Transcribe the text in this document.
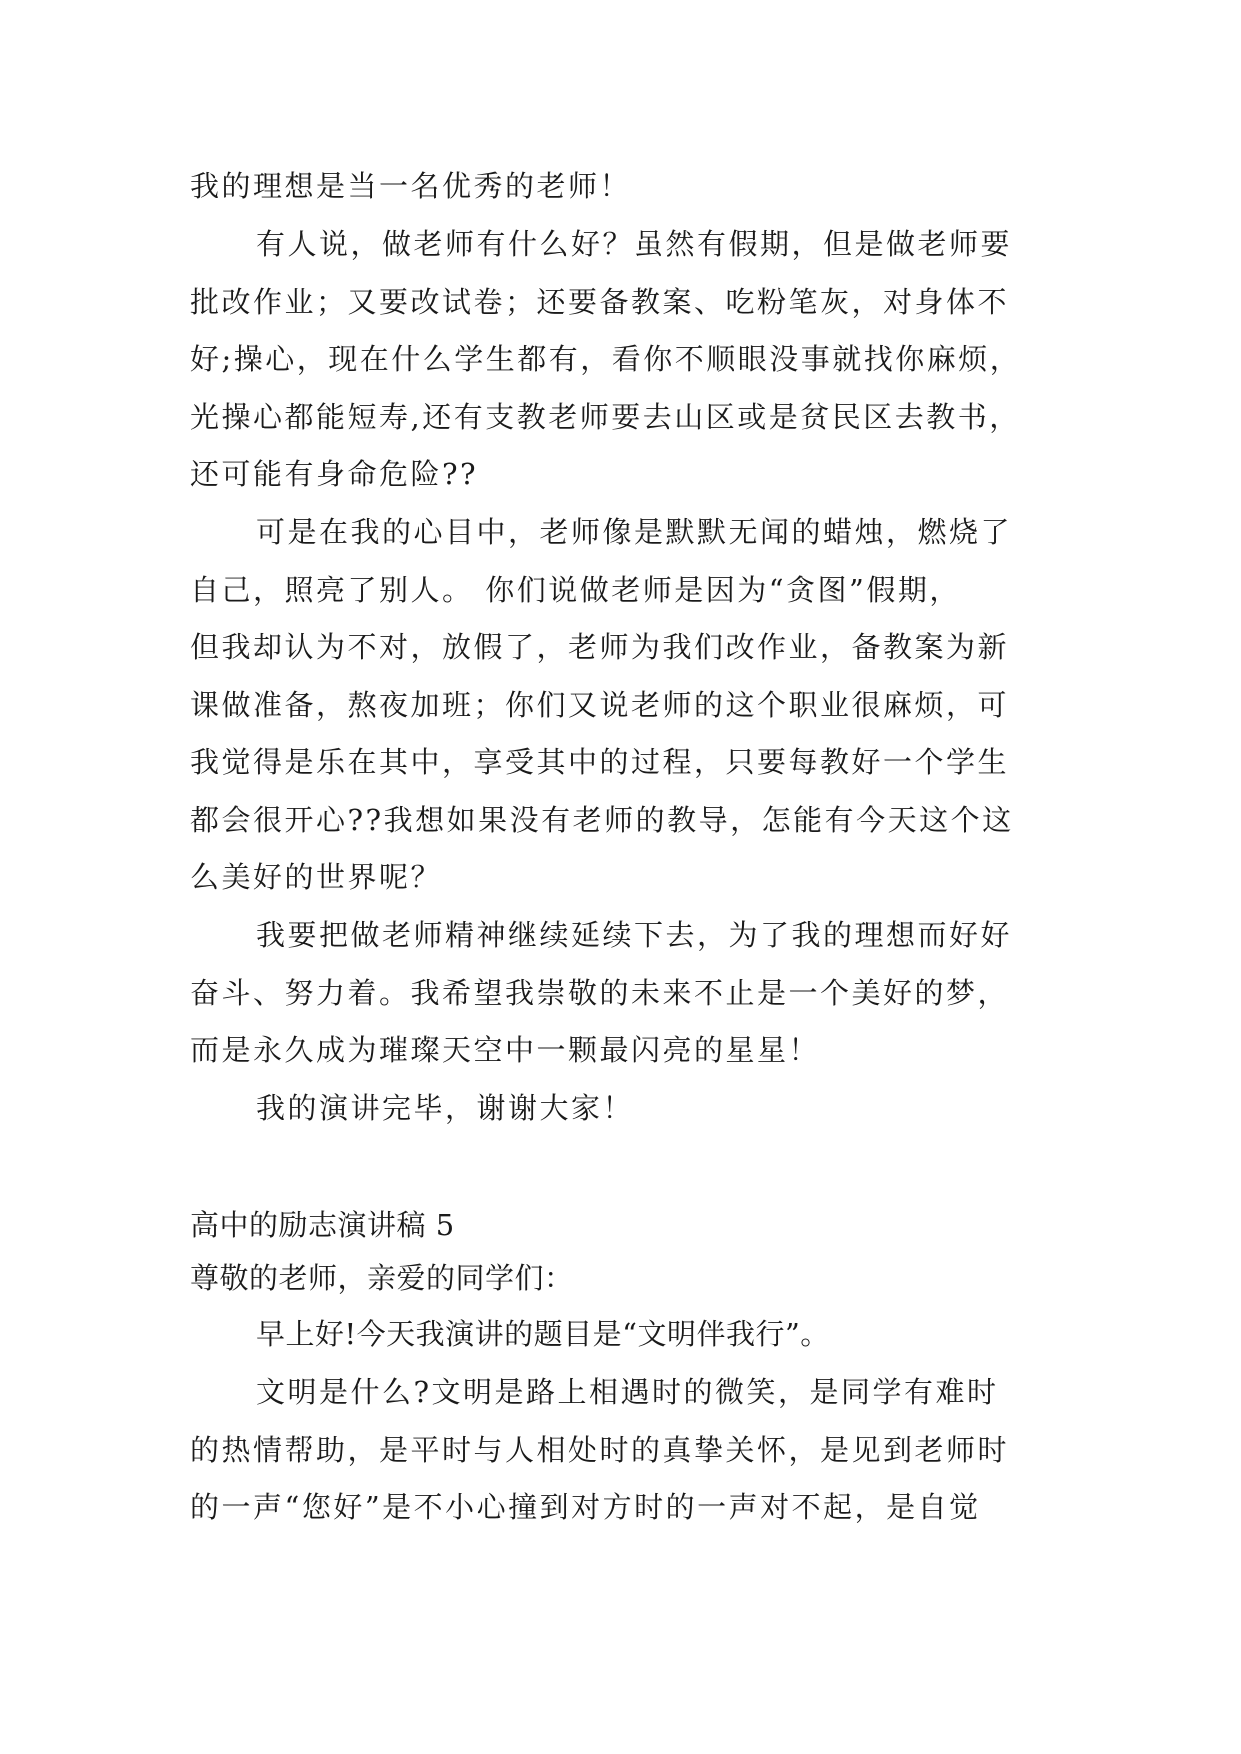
我的理想是当一名优秀的老师！

有人说，做老师有什么好？虽然有假期，但是做老师要

批改作业；又要改试卷；还要备教案、吃粉笔灰，对身体不

好;操心，现在什么学生都有，看你不顺眼没事就找你麻烦，

光操心都能短寿,还有支教老师要去山区或是贫民区去教书，

还可能有身命危险??

可是在我的心目中，老师像是默默无闻的蜡烛，燃烧了

自己，照亮了别人。 你们说做老师是因为“贪图”假期，

但我却认为不对，放假了，老师为我们改作业，备教案为新

课做准备，熬夜加班；你们又说老师的这个职业很麻烦，可

我觉得是乐在其中，享受其中的过程，只要每教好一个学生

都会很开心??我想如果没有老师的教导，怎能有今天这个这

么美好的世界呢？

我要把做老师精神继续延续下去，为了我的理想而好好

奋斗、努力着。我希望我崇敬的未来不止是一个美好的梦，

而是永久成为璀璨天空中一颗最闪亮的星星！

我的演讲完毕，谢谢大家！

高中的励志演讲稿 5

尊敬的老师，亲爱的同学们：

早上好!今天我演讲的题目是“文明伴我行”。

文明是什么?文明是路上相遇时的微笑，是同学有难时

的热情帮助，是平时与人相处时的真挚关怀，是见到老师时

的一声“您好”是不小心撞到对方时的一声对不起，是自觉
